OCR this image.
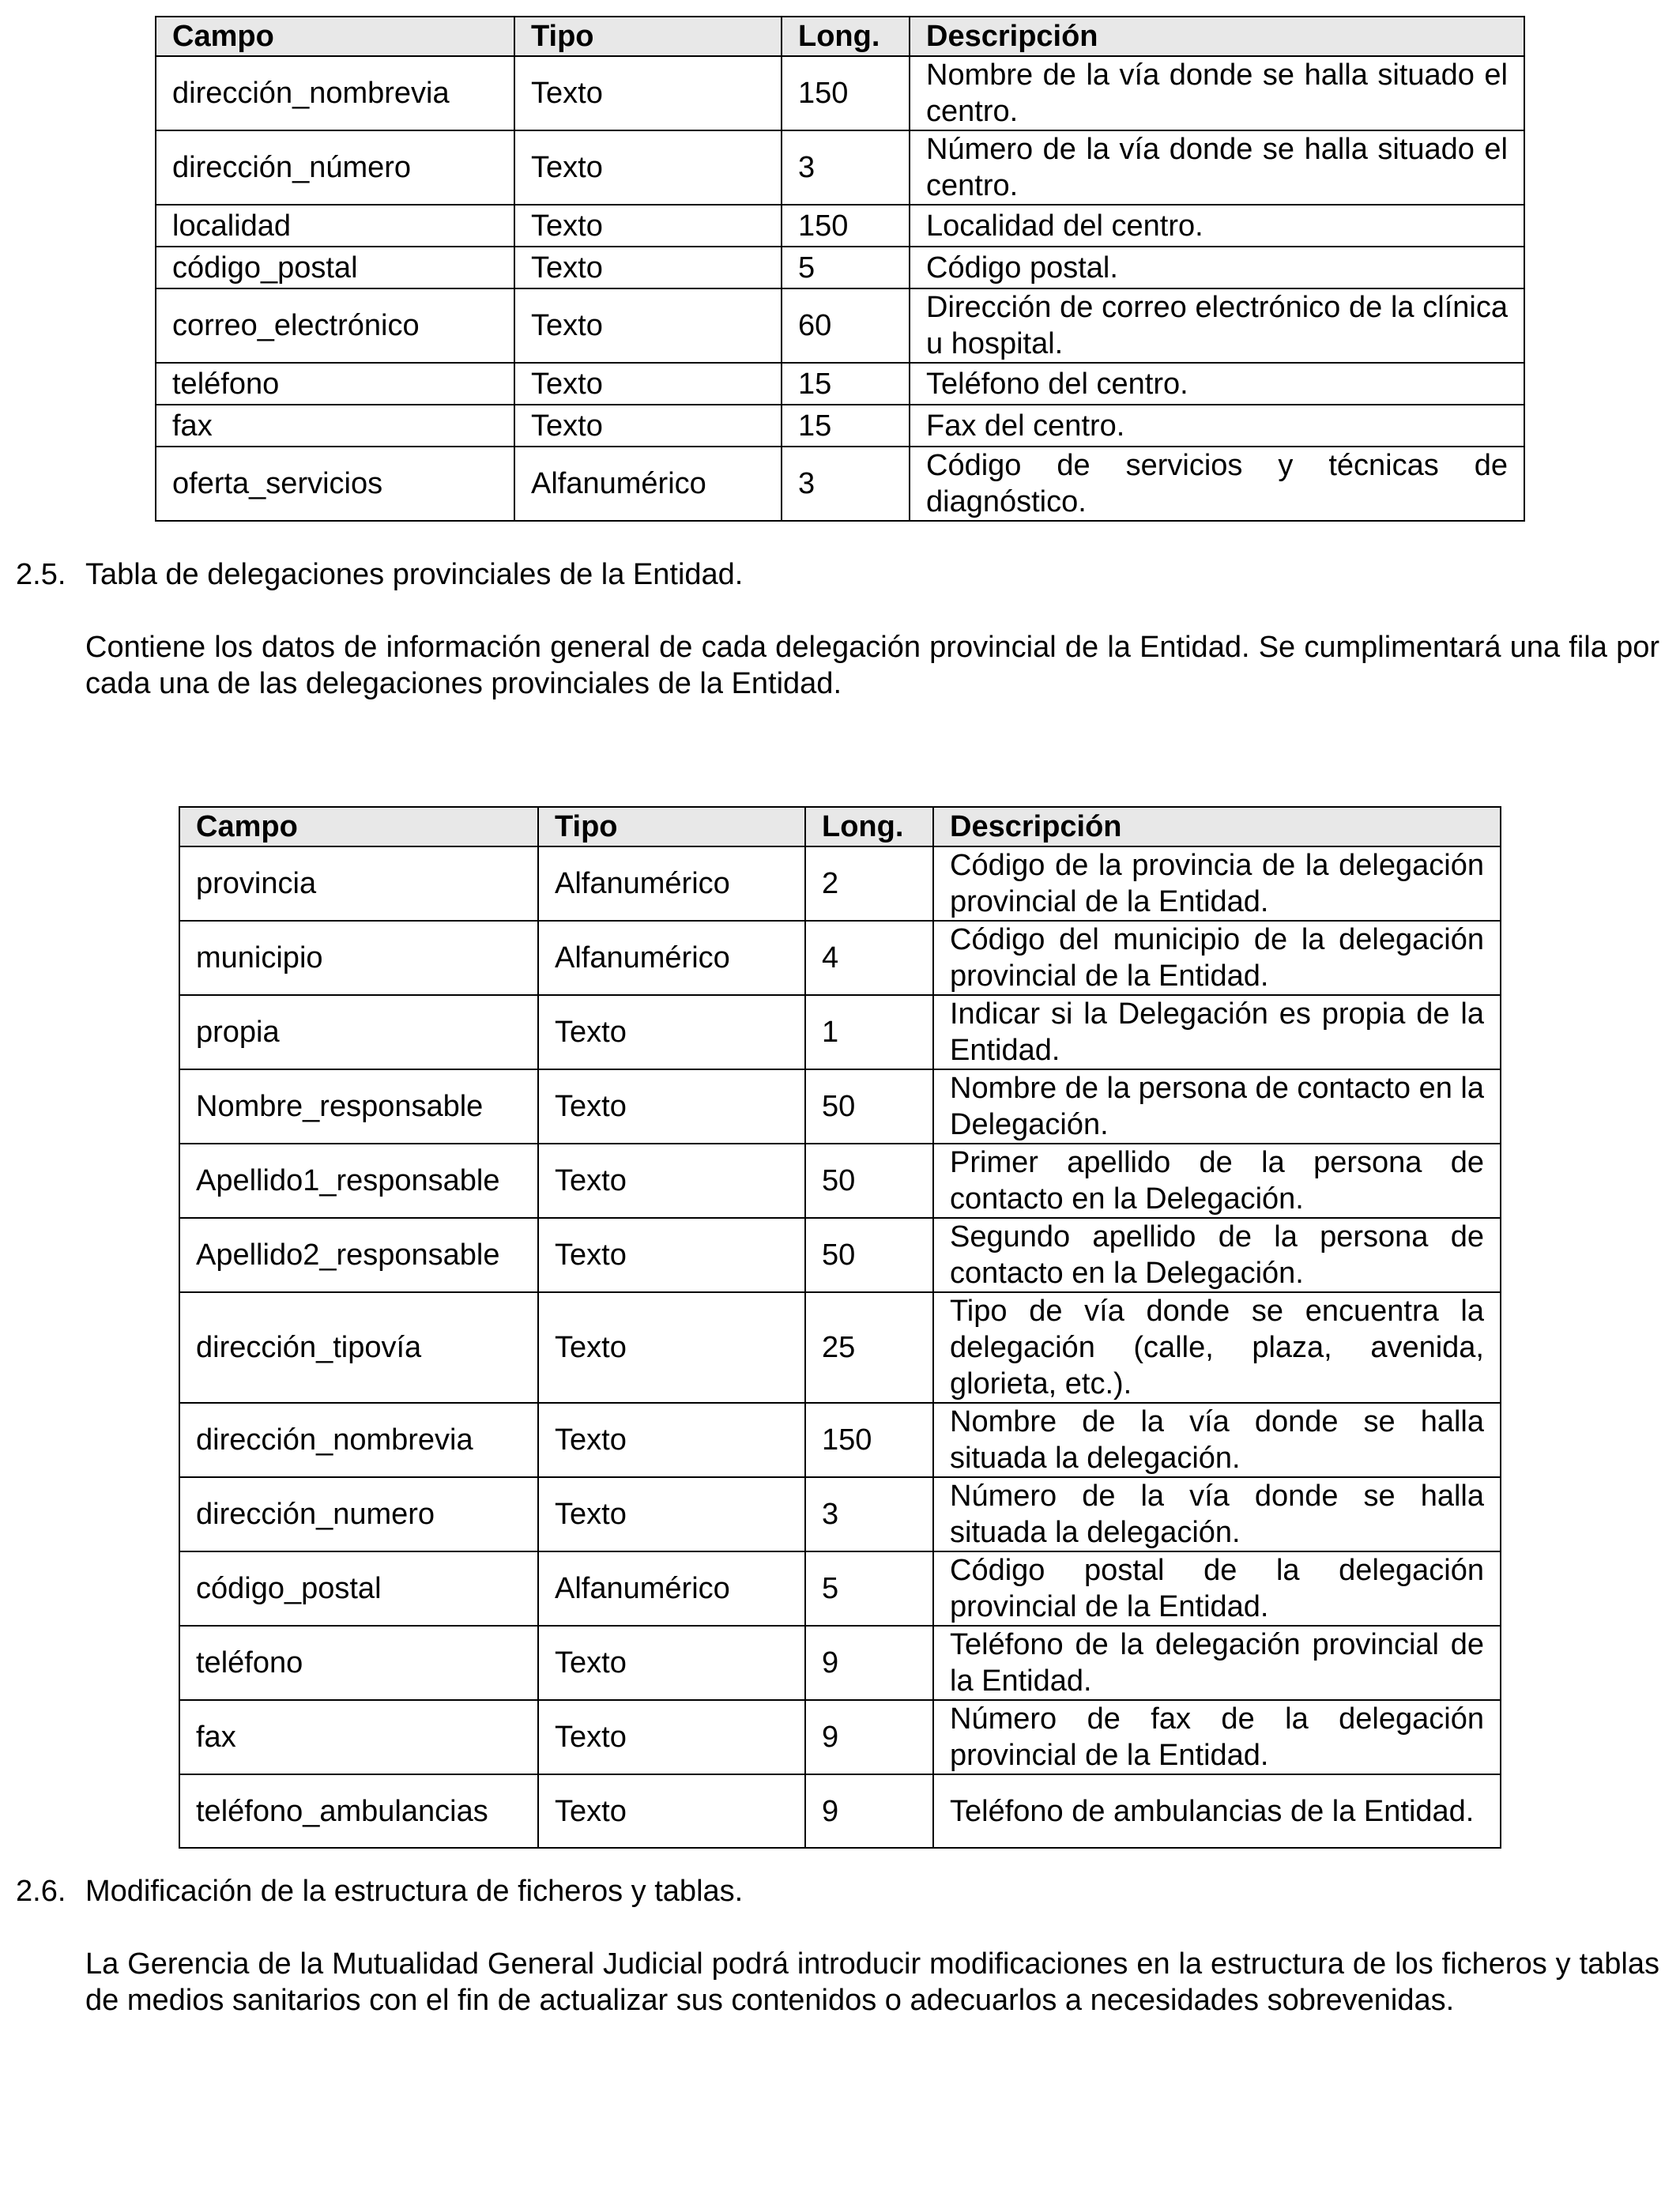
Campo	Tipo	Long.	Descripción
dirección_nombrevia	Texto	150	Nombre de la vía donde se halla situado el centro.
dirección_número	Texto	3	Número de la vía donde se halla situado el centro.
localidad	Texto	150	Localidad del centro.
código_postal	Texto	5	Código postal.
correo_electrónico	Texto	60	Dirección de correo electrónico de la clínica u hospital.
teléfono	Texto	15	Teléfono del centro.
fax	Texto	15	Fax del centro.
oferta_servicios	Alfanumérico	3	Código de servicios y técnicas de diagnóstico.
2.5. Tabla de delegaciones provinciales de la Entidad.
Contiene los datos de información general de cada delegación provincial de la Entidad. Se cumplimentará una fila por cada una de las delegaciones provinciales de la Entidad.
Campo	Tipo	Long.	Descripción
provincia	Alfanumérico	2	Código de la provincia de la delegación provincial de la Entidad.
municipio	Alfanumérico	4	Código del municipio de la delegación provincial de la Entidad.
propia	Texto	1	Indicar si la Delegación es propia de la Entidad.
Nombre_responsable	Texto	50	Nombre de la persona de contacto en la Delegación.
Apellido1_responsable	Texto	50	Primer apellido de la persona de contacto en la Delegación.
Apellido2_responsable	Texto	50	Segundo apellido de la persona de contacto en la Delegación.
dirección_tipovía	Texto	25	Tipo de vía donde se encuentra la delegación (calle, plaza, avenida, glorieta, etc.).
dirección_nombrevia	Texto	150	Nombre de la vía donde se halla situada la delegación.
dirección_numero	Texto	3	Número de la vía donde se halla situada la delegación.
código_postal	Alfanumérico	5	Código postal de la delegación provincial de la Entidad.
teléfono	Texto	9	Teléfono de la delegación provincial de la Entidad.
fax	Texto	9	Número de fax de la delegación provincial de la Entidad.
teléfono_ambulancias	Texto	9	Teléfono de ambulancias de la Entidad.
2.6. Modificación de la estructura de ficheros y tablas.
La Gerencia de la Mutualidad General Judicial podrá introducir modificaciones en la estructura de los ficheros y tablas de medios sanitarios con el fin de actualizar sus contenidos o adecuarlos a necesidades sobrevenidas.
